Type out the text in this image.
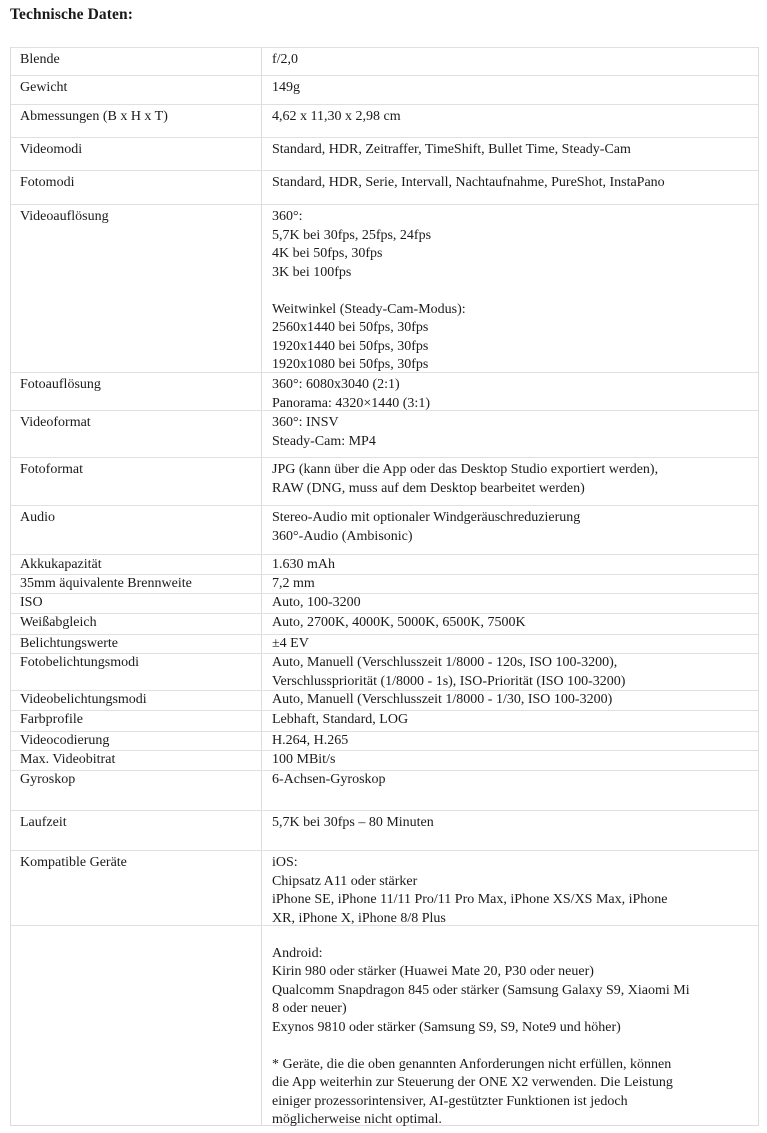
Technische Daten:
Blende	f/2,0
Gewicht	149g
Abmessungen (B x H x T)	4,62 x 11,30 x 2,98 cm
Videomodi	Standard, HDR, Zeitraffer, TimeShift, Bullet Time, Steady-Cam
Fotomodi	Standard, HDR, Serie, Intervall, Nachtaufnahme, PureShot, InstaPano
Videoauflösung	360°:
5,7K bei 30fps, 25fps, 24fps
4K bei 50fps, 30fps
3K bei 100fps

Weitwinkel (Steady-Cam-Modus):
2560x1440 bei 50fps, 30fps
1920x1440 bei 50fps, 30fps
1920x1080 bei 50fps, 30fps
Fotoauflösung	360°: 6080x3040 (2:1)
Panorama: 4320×1440 (3:1)
Videoformat	360°: INSV
Steady-Cam: MP4
Fotoformat	JPG (kann über die App oder das Desktop Studio exportiert werden),
RAW (DNG, muss auf dem Desktop bearbeitet werden)
Audio	Stereo-Audio mit optionaler Windgeräuschreduzierung
360°-Audio (Ambisonic)
Akkukapazität	1.630 mAh
35mm äquivalente Brennweite	7,2 mm
ISO	Auto, 100-3200
Weißabgleich	Auto, 2700K, 4000K, 5000K, 6500K, 7500K
Belichtungswerte	±4 EV
Fotobelichtungsmodi	Auto, Manuell (Verschlusszeit 1/8000 - 120s, ISO 100-3200),
Verschlusspriorität (1/8000 - 1s), ISO-Priorität (ISO 100-3200)
Videobelichtungsmodi	Auto, Manuell (Verschlusszeit 1/8000 - 1/30, ISO 100-3200)
Farbprofile	Lebhaft, Standard, LOG
Videocodierung	H.264, H.265
Max. Videobitrat	100 MBit/s
Gyroskop	6-Achsen-Gyroskop
Laufzeit	5,7K bei 30fps – 80 Minuten
Kompatible Geräte	iOS:
Chipsatz A11 oder stärker
iPhone SE, iPhone 11/11 Pro/11 Pro Max, iPhone XS/XS Max, iPhone
XR, iPhone X, iPhone 8/8 Plus

Android:
Kirin 980 oder stärker (Huawei Mate 20, P30 oder neuer)
Qualcomm Snapdragon 845 oder stärker (Samsung Galaxy S9, Xiaomi Mi
8 oder neuer)
Exynos 9810 oder stärker (Samsung S9, S9, Note9 und höher)

* Geräte, die die oben genannten Anforderungen nicht erfüllen, können
die App weiterhin zur Steuerung der ONE X2 verwenden. Die Leistung
einiger prozessorintensiver, AI-gestützter Funktionen ist jedoch
möglicherweise nicht optimal.
